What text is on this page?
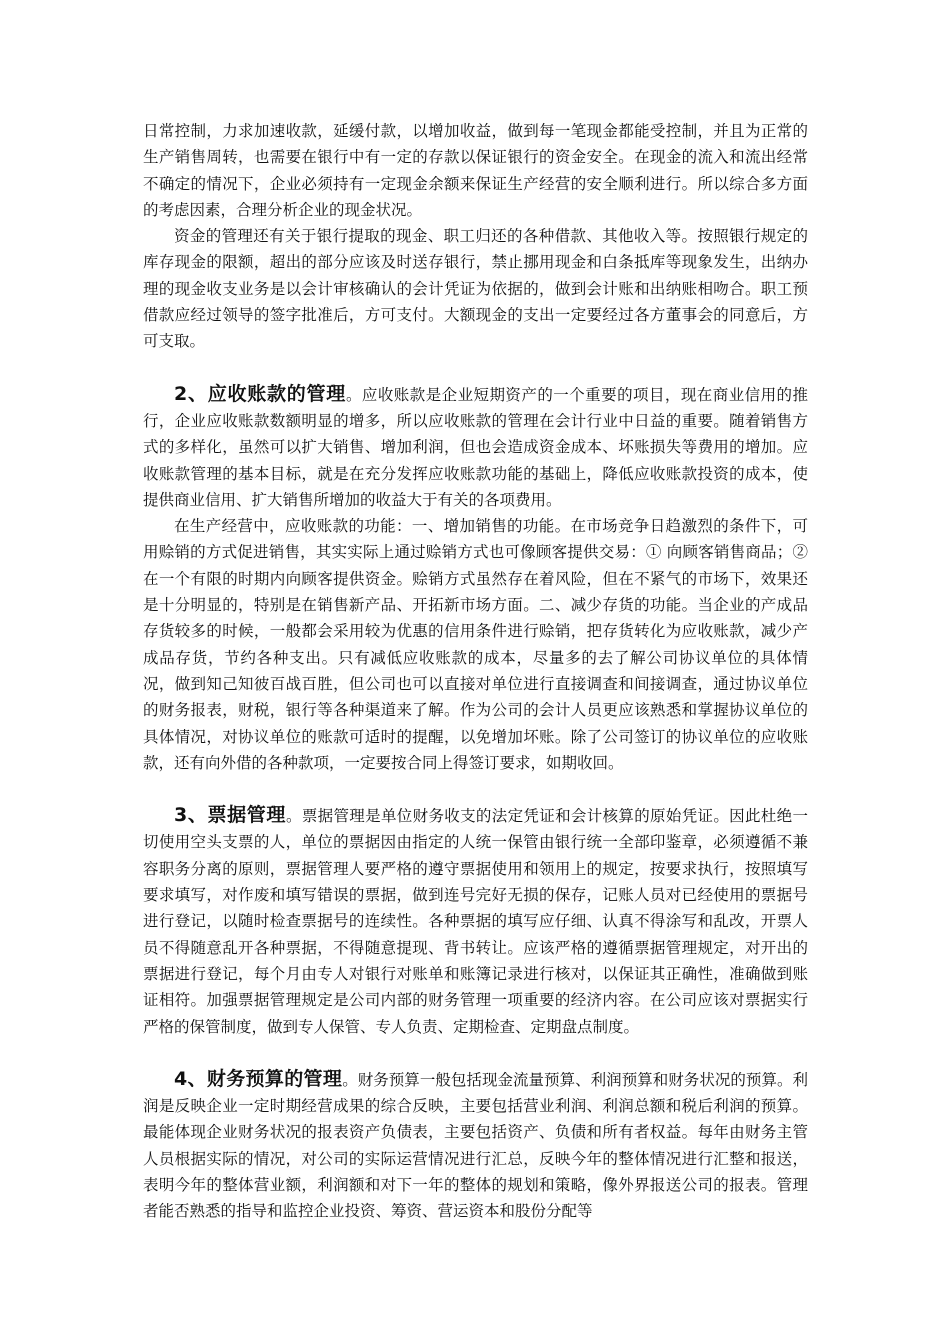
日常控制，力求加速收款，延缓付款，以增加收益，做到每一笔现金都能受控制，并且为正常的生产销售周转，也需要在银行中有一定的存款以保证银行的资金安全。在现金的流入和流出经常不确定的情况下，企业必须持有一定现金余额来保证生产经营的安全顺利进行。所以综合多方面的考虑因素，合理分析企业的现金状况。

资金的管理还有关于银行提取的现金、职工归还的各种借款、其他收入等。按照银行规定的库存现金的限额，超出的部分应该及时送存银行，禁止挪用现金和白条抵库等现象发生，出纳办理的现金收支业务是以会计审核确认的会计凭证为依据的，做到会计账和出纳账相吻合。职工预借款应经过领导的签字批准后，方可支付。大额现金的支出一定要经过各方董事会的同意后，方可支取。

2、应收账款的管理。应收账款是企业短期资产的一个重要的项目，现在商业信用的推行，企业应收账款数额明显的增多，所以应收账款的管理在会计行业中日益的重要。随着销售方式的多样化，虽然可以扩大销售、增加利润，但也会造成资金成本、坏账损失等费用的增加。应收账款管理的基本目标，就是在充分发挥应收账款功能的基础上，降低应收账款投资的成本，使提供商业信用、扩大销售所增加的收益大于有关的各项费用。

在生产经营中，应收账款的功能：一、增加销售的功能。在市场竞争日趋激烈的条件下，可用赊销的方式促进销售，其实实际上通过赊销方式也可像顾客提供交易：① 向顾客销售商品；② 在一个有限的时期内向顾客提供资金。赊销方式虽然存在着风险，但在不紧气的市场下，效果还是十分明显的，特别是在销售新产品、开拓新市场方面。二、减少存货的功能。当企业的产成品存货较多的时候，一般都会采用较为优惠的信用条件进行赊销，把存货转化为应收账款，减少产成品存货，节约各种支出。只有减低应收账款的成本，尽量多的去了解公司协议单位的具体情况，做到知己知彼百战百胜，但公司也可以直接对单位进行直接调查和间接调查，通过协议单位的财务报表，财税，银行等各种渠道来了解。作为公司的会计人员更应该熟悉和掌握协议单位的具体情况，对协议单位的账款可适时的提醒，以免增加坏账。除了公司签订的协议单位的应收账款，还有向外借的各种款项，一定要按合同上得签订要求，如期收回。

3、票据管理。票据管理是单位财务收支的法定凭证和会计核算的原始凭证。因此杜绝一切使用空头支票的人，单位的票据因由指定的人统一保管由银行统一全部印鉴章，必须遵循不兼容职务分离的原则，票据管理人要严格的遵守票据使用和领用上的规定，按要求执行，按照填写要求填写，对作废和填写错误的票据，做到连号完好无损的保存，记账人员对已经使用的票据号进行登记，以随时检查票据号的连续性。各种票据的填写应仔细、认真不得涂写和乱改，开票人员不得随意乱开各种票据，不得随意提现、背书转让。应该严格的遵循票据管理规定，对开出的票据进行登记，每个月由专人对银行对账单和账簿记录进行核对，以保证其正确性，准确做到账证相符。加强票据管理规定是公司内部的财务管理一项重要的经济内容。在公司应该对票据实行严格的保管制度，做到专人保管、专人负责、定期检查、定期盘点制度。

4、财务预算的管理。财务预算一般包括现金流量预算、利润预算和财务状况的预算。利润是反映企业一定时期经营成果的综合反映，主要包括营业利润、利润总额和税后利润的预算。最能体现企业财务状况的报表资产负债表，主要包括资产、负债和所有者权益。每年由财务主管人员根据实际的情况，对公司的实际运营情况进行汇总，反映今年的整体情况进行汇整和报送，表明今年的整体营业额，利润额和对下一年的整体的规划和策略，像外界报送公司的报表。管理者能否熟悉的指导和监控企业投资、筹资、营运资本和股份分配等
